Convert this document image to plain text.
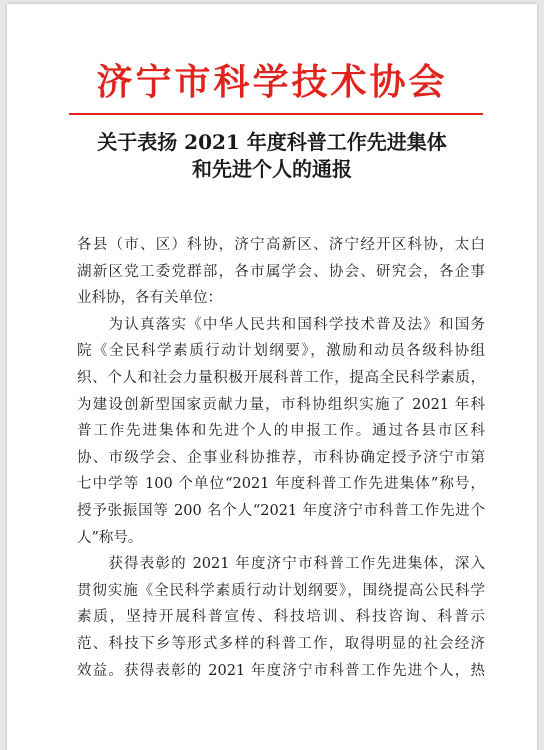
济宁市科学技术协会
关于表扬 2021 年度科普工作先进集体
和先进个人的通报
各县（市、区）科协，济宁高新区、济宁经开区科协，太白
湖新区党工委党群部，各市属学会、协会、研究会，各企事
业科协，各有关单位：
　　为认真落实《中华人民共和国科学技术普及法》和国务
院《全民科学素质行动计划纲要》，激励和动员各级科协组
织、个人和社会力量积极开展科普工作，提高全民科学素质，
为建设创新型国家贡献力量，市科协组织实施了 2021 年科
普工作先进集体和先进个人的申报工作。通过各县市区科
协、市级学会、企事业科协推荐，市科协确定授予济宁市第
七中学等 100 个单位“2021 年度科普工作先进集体”称号，
授予张振国等 200 名个人“2021 年度济宁市科普工作先进个
人”称号。
　　获得表彰的 2021 年度济宁市科普工作先进集体，深入
贯彻实施《全民科学素质行动计划纲要》，围绕提高公民科学
素质，坚持开展科普宣传、科技培训、科技咨询、科普示
范、科技下乡等形式多样的科普工作，取得明显的社会经济
效益。获得表彰的 2021 年度济宁市科普工作先进个人，热
